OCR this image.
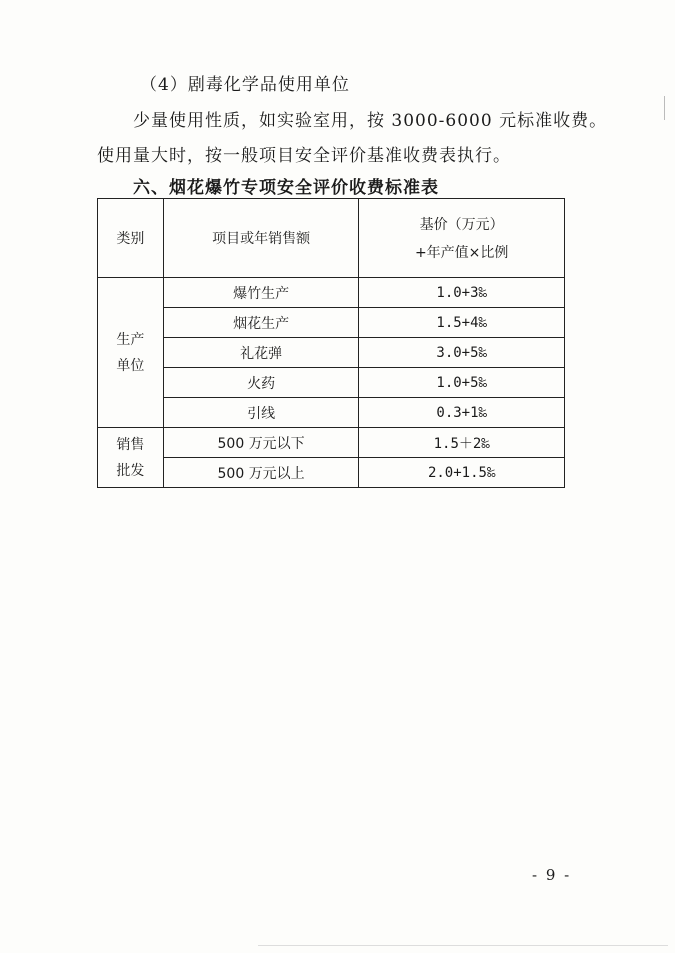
（4）剧毒化学品使用单位
少量使用性质，如实验室用，按 3000-6000 元标准收费。
使用量大时，按一般项目安全评价基准收费表执行。
六、烟花爆竹专项安全评价收费标准表
类别	项目或年销售额	基价（万元）
+年产值×比例

生产
单位	爆竹生产	1.0+3‰
	烟花生产	1.5+4‰
	礼花弹	3.0+5‰
	火药	1.0+5‰
	引线	0.3+1‰

销售
批发	500 万元以下	1.5＋2‰
	500 万元以上	2.0+1.5‰
- 9 -
